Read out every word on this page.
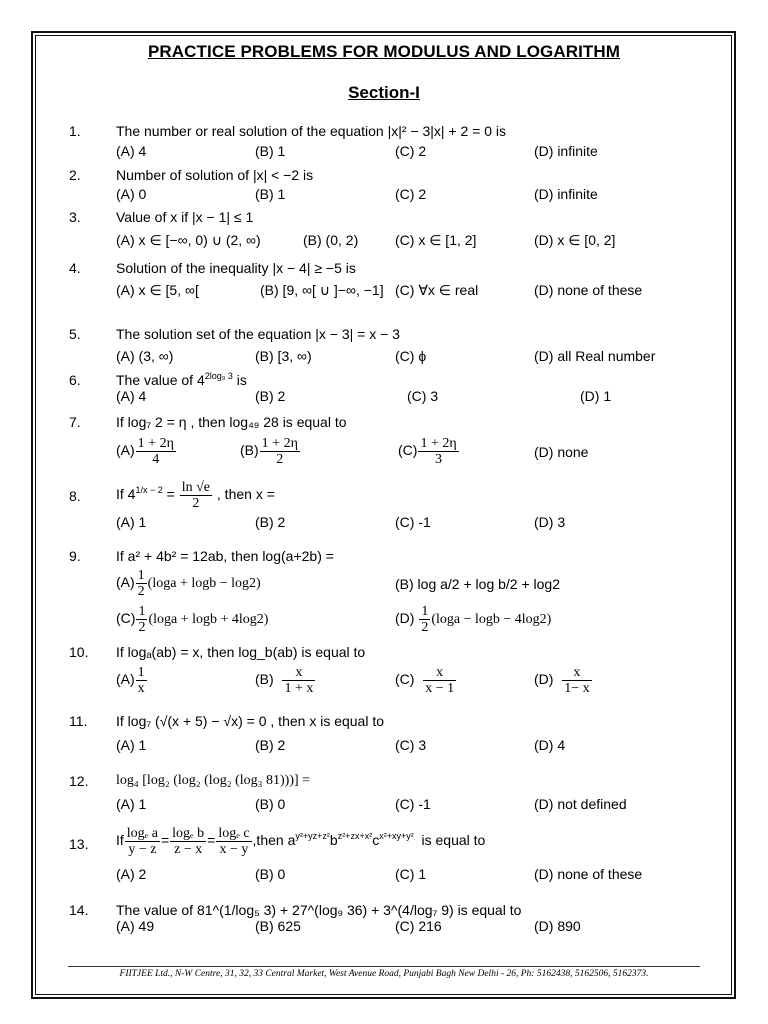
PRACTICE PROBLEMS FOR MODULUS AND LOGARITHM
Section-I
1.	The number or real solution of the equation |x|² − 3|x| + 2 = 0 is
(A) 4	(B) 1	(C) 2	(D) infinite
2.	Number of solution of |x| < −2 is
(A) 0	(B) 1	(C) 2	(D) infinite
3.	Value of x if |x − 1| ≤ 1
(A) x ∈ [−∞, 0) ∪ (2, ∞)	(B) (0, 2)	(C) x ∈ [1, 2]	(D) x ∈ [0, 2]
4.	Solution of the inequality |x − 4| ≥ −5 is
(A) x ∈ [5, ∞[	(B) [9, ∞[ ∪ ]−∞, −1] (C) ∀x ∈ real	(D) none of these
5.	The solution set of the equation |x − 3| = x − 3
(A) (3, ∞)	(B) [3, ∞)	(C) ϕ	(D) all Real number
6.	The value of $4^{2log_9 3}$ is
(A) 4	(B) 2	(C) 3	(D) 1
7.	If log₇ 2 = η , then log₄₉ 28 is equal to
$(A) \frac{1 + 2\eta}{4}$	$(B) \frac{1 + 2\eta}{2}$	$(C) \frac{1 + 2\eta}{3}$	(D) none
8.	If $4^{1/x - 2} = \frac{\ln √e}{2}$ , then x =
(A) 1	(B) 2	(C) -1	(D) 3
9.	If a² + 4b² = 12ab, then log(a+2b) =
$(A) \frac{1}{2} (\log a + \log b - \log 2)$	(B) log a/2 + log b/2 + log2
$(C) \frac{1}{2} (\log a + \log b + 4\log 2)$	$(D) \frac{1}{2} (\log a - \log b - 4\log 2)$
10. If logₐ(ab) = x, then log_b(ab) is equal to
$(A) \frac{1}{x}$	$(B) \frac{x}{1 + x}$	$(C) \frac{x}{x - 1}$	$(D) \frac{x}{1- x}$
11. If log₇ (√(x + 5) − √x) = 0 , then x is equal to
(A) 1	(B) 2	(C) 3	(D) 4
12. log₄ [log₂ (log₂ (log₂ (log₃ 81)))] =
(A) 1	(B) 0	(C) -1	(D) not defined
13. If $\frac{\text{logₑ a}}{y - z} = \frac{\text{logₑ b}}{z - x} = \frac{\text{logₑ c}}{x - y}$ ,then $a^{y^2+yz+z^2}b^{z^2+zx+x^2}c^{x^2+xy+y^2}$ is equal to
(A) 2	(B) 0	(C) 1	(D) none of these
14. The value of 81^(1/log₅ 3) + 27^(log₉ 36) + 3^(4/log₇ 9) is equal to
(A) 49	(B) 625	(C) 216	(D) 890
FIITJEE Ltd., N-W Centre, 31, 32, 33 Central Market, West Avenue Road, Punjabi Bagh New Delhi - 26, Ph: 5162438, 5162506, 5162373.
